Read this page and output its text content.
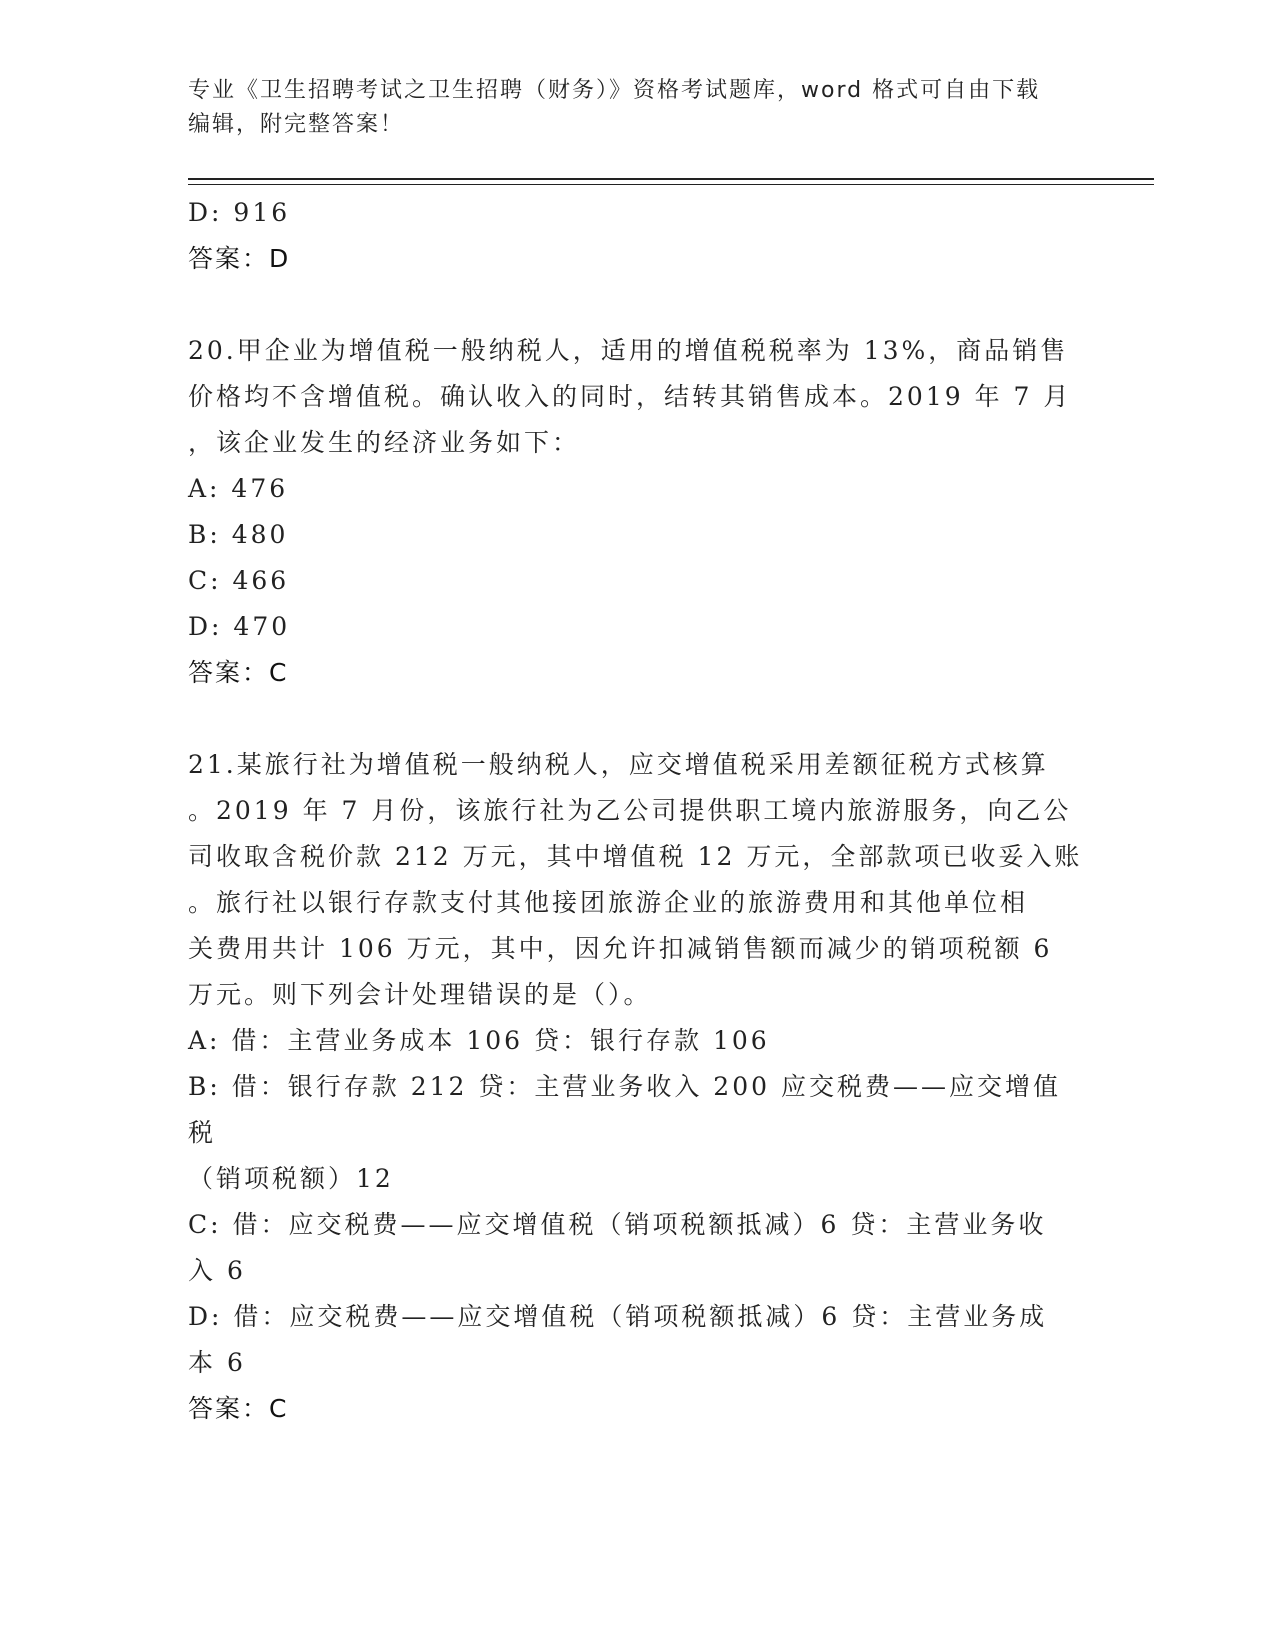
专业《卫生招聘考试之卫生招聘（财务）》资格考试题库，word 格式可自由下载
编辑，附完整答案！
D: 916
答案：D
20.甲企业为增值税一般纳税人，适用的增值税税率为 13%，商品销售
价格均不含增值税。确认收入的同时，结转其销售成本。2019 年 7 月
，该企业发生的经济业务如下：
A: 476
B: 480
C: 466
D: 470
答案：C
21.某旅行社为增值税一般纳税人，应交增值税采用差额征税方式核算
。2019 年 7 月份，该旅行社为乙公司提供职工境内旅游服务，向乙公
司收取含税价款 212 万元，其中增值税 12 万元，全部款项已收妥入账
。旅行社以银行存款支付其他接团旅游企业的旅游费用和其他单位相
关费用共计 106 万元，其中，因允许扣减销售额而减少的销项税额 6
万元。则下列会计处理错误的是（）。
A: 借：主营业务成本 106 贷：银行存款 106
B: 借：银行存款 212 贷：主营业务收入 200 应交税费——应交增值税
（销项税额）12
C: 借：应交税费——应交增值税（销项税额抵减）6 贷：主营业务收
入 6
D: 借：应交税费——应交增值税（销项税额抵减）6 贷：主营业务成
本 6
答案：C
